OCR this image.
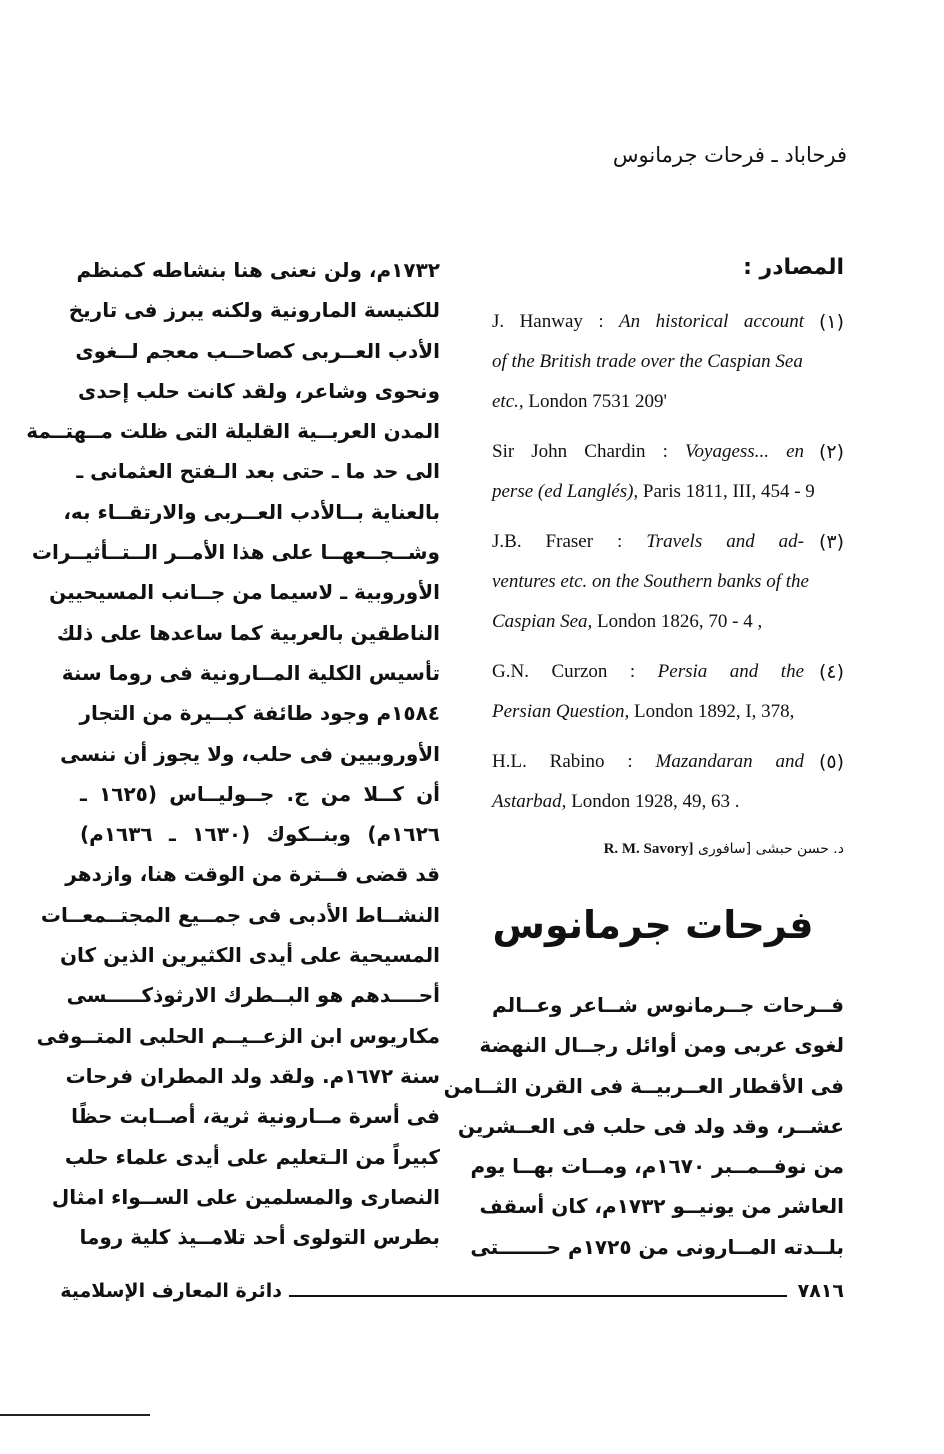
فرحاباد ـ فرحات جرمانوس
١٧٣٢م، ولن نعنى هنا بنشاطه كمنظم
للكنيسة المارونية ولكنه يبرز فى تاريخ
الأدب العــربى كصاحــب معجم لــغوى
ونحوى وشاعر، ولقد كانت حلب إحدى
المدن العربــية القليلة التى ظلت مــهتــمة
الى حد ما ـ حتى بعد الـفتح العثمانى ـ
بالعناية بــالأدب العــربى والارتقــاء به،
وشــجــعهــا على هذا الأمــر الــتــأثيــرات
الأوروبية ـ لاسيما من جــانب المسيحيين
الناطقين بالعربية كما ساعدها على ذلك
تأسيس الكلية المــارونية فى روما سنة
١٥٨٤م وجود طائفة كبــيرة من التجار
الأوروبيين فى حلب، ولا يجوز أن ننسى
أن كــلا من ج. جــوليــاس (١٦٢٥ ـ
١٦٢٦م) وبنــكوك (١٦٣٠ ـ ١٦٣٦م)
قد قضى فــترة من الوقت هنا، وازدهر
النشــاط الأدبى فى جمــيع المجتــمعــات
المسيحية على أيدى الكثيرين الذين كان
أحــــدهم هو البــطرك الارثوذكـــــسى
مكاريوس ابن الزعــيــم الحلبى المتــوفى
سنة ١٦٧٢م. ولقد ولد المطران فرحات
فى أسرة مــارونية ثرية، أصــابت حظًا
كبيراً من الـتعليم على أيدى علماء حلب
النصارى والمسلمين على الســواء امثال
بطرس التولوى أحد تلامــيذ كلية روما
المصادر :
(١)
J. Hanway : An historical account
of the British trade over the Caspian Sea
etc., London 7531 209'
(٢)
Sir John Chardin : Voyagess... en
perse (ed Langlés), Paris 1811, III, 454 - 9
(٣)
J.B. Fraser : Travels and ad-
ventures etc. on the Southern banks of the
Caspian Sea, London 1826, 70 - 4 ,
(٤)
G.N. Curzon : Persia and the
Persian Question, London 1892, I, 378,
(٥)
H.L. Rabino : Mazandaran and
Astarbad, London 1928, 49, 63 .
د. حسن حبشى [سافورى R. M. Savory]
فرحات جرمانوس
فــرحات جــرمانوس شــاعر وعــالم
لغوى عربى ومن أوائل رجــال النهضة
فى الأقطار العــربيــة فى القرن الثــامن
عشــر، وقد ولد فى حلب فى العــشرين
من نوفــمــبر ١٦٧٠م، ومــات بهــا يوم
العاشر من يونيــو ١٧٣٢م، كان أسقف
بلــدته المــارونى من ١٧٢٥م حـــــــتى
٧٨١٦
دائرة المعارف الإسلامية
